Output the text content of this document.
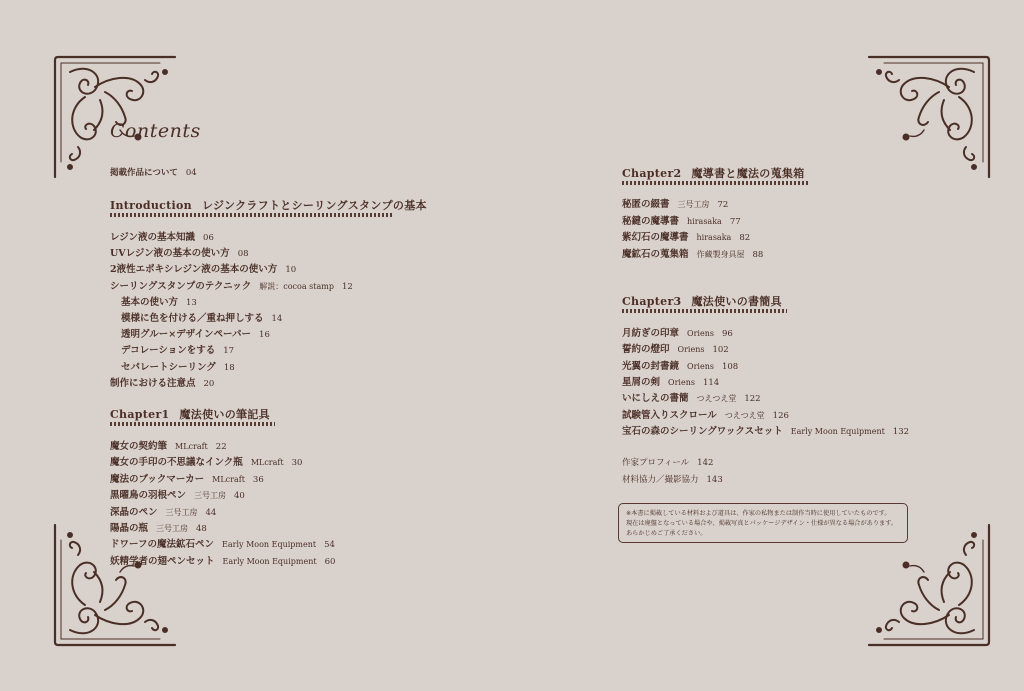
Contents
掲載作品について 04
Introduction レジンクラフトとシーリングスタンプの基本
レジン液の基本知識 06
UVレジン液の基本の使い方 08
2液性エポキシレジン液の基本の使い方 10
シーリングスタンプのテクニック 解説：cocoa stamp 12
基本の使い方 13
模様に色を付ける／重ね押しする 14
透明グルー×デザインペーパー 16
デコレーションをする 17
セパレートシーリング 18
制作における注意点 20
Chapter1 魔法使いの筆記具
魔女の契約筆 MLcraft 22
魔女の手印の不思議なインク瓶 MLcraft 30
魔法のブックマーカー MLcraft 36
黒曜鳥の羽根ペン 三号工房 40
深晶のペン 三号工房 44
陽晶の瓶 三号工房 48
ドワーフの魔法鉱石ペン Early Moon Equipment 54
妖精学者の翅ペンセット Early Moon Equipment 60
Chapter2 魔導書と魔法の蒐集箱
秘匿の綴書 三号工房 72
秘鍵の魔導書 hirasaka 77
紫幻石の魔導書 hirasaka 82
魔鉱石の蒐集箱 作藏製身具屋 88
Chapter3 魔法使いの書簡具
月紡ぎの印章 Oriens 96
誓約の燈印 Oriens 102
光翼の封書鏡 Oriens 108
星屑の剣 Oriens 114
いにしえの書簡 つえつえ堂 122
試験管入りスクロール つえつえ堂 126
宝石の森のシーリングワックスセット Early Moon Equipment 132
作家プロフィール 142
材料協力／撮影協力 143
※本書に掲載している材料および道具は、作家の私物または制作当時に使用していたものです。
現在は廃盤となっている場合や、掲載写真とパッケージデザイン・仕様が異なる場合があります。
あらかじめご了承ください。
